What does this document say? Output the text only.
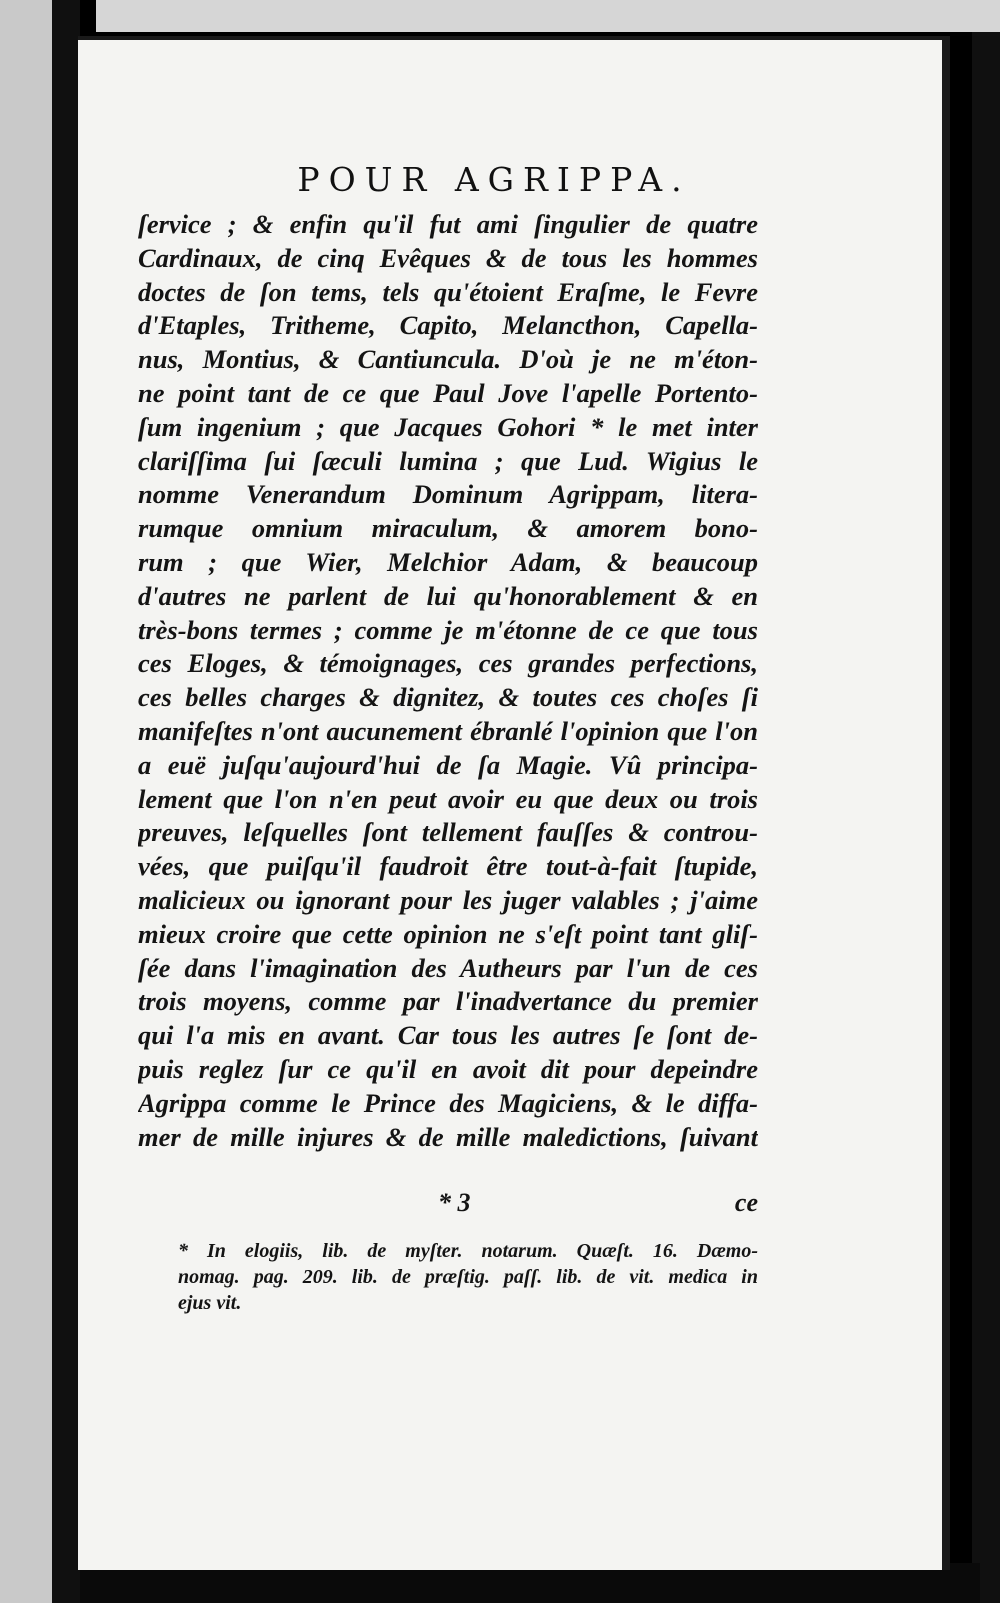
POUR AGRIPPA.
ſervice ; & enfin qu'il fut ami ſingulier de quatre
Cardinaux, de cinq Evêques & de tous les hommes
doctes de ſon tems, tels qu'étoient Eraſme, le Fevre
d'Etaples, Tritheme, Capito, Melancthon, Capella-
nus, Montius, & Cantiuncula. D'où je ne m'éton-
ne point tant de ce que Paul Jove l'apelle Portento-
ſum ingenium ; que Jacques Gohori * le met inter
clariſſima ſui ſæculi lumina ; que Lud. Wigius le
nomme Venerandum Dominum Agrippam, litera-
rumque omnium miraculum, & amorem bono-
rum ; que Wier, Melchior Adam, & beaucoup
d'autres ne parlent de lui qu'honorablement & en
très-bons termes ; comme je m'étonne de ce que tous
ces Eloges, & témoignages, ces grandes perfections,
ces belles charges & dignitez, & toutes ces choſes ſi
manifeſtes n'ont aucunement ébranlé l'opinion que l'on
a euë juſqu'aujourd'hui de ſa Magie. Vû principa-
lement que l'on n'en peut avoir eu que deux ou trois
preuves, leſquelles ſont tellement fauſſes & controu-
vées, que puiſqu'il faudroit être tout-à-fait ſtupide,
malicieux ou ignorant pour les juger valables ; j'aime
mieux croire que cette opinion ne s'eſt point tant gliſ-
ſée dans l'imagination des Autheurs par l'un de ces
trois moyens, comme par l'inadvertance du premier
qui l'a mis en avant. Car tous les autres ſe ſont de-
puis reglez ſur ce qu'il en avoit dit pour depeindre
Agrippa comme le Prince des Magiciens, & le diffa-
mer de mille injures & de mille maledictions, ſuivant
* 3	ce
* In elogiis, lib. de myſter. notarum. Quæſt. 16. Dæmo-
nomag. pag. 209. lib. de præſtig. paſſ. lib. de vit. medica in
ejus vit.
